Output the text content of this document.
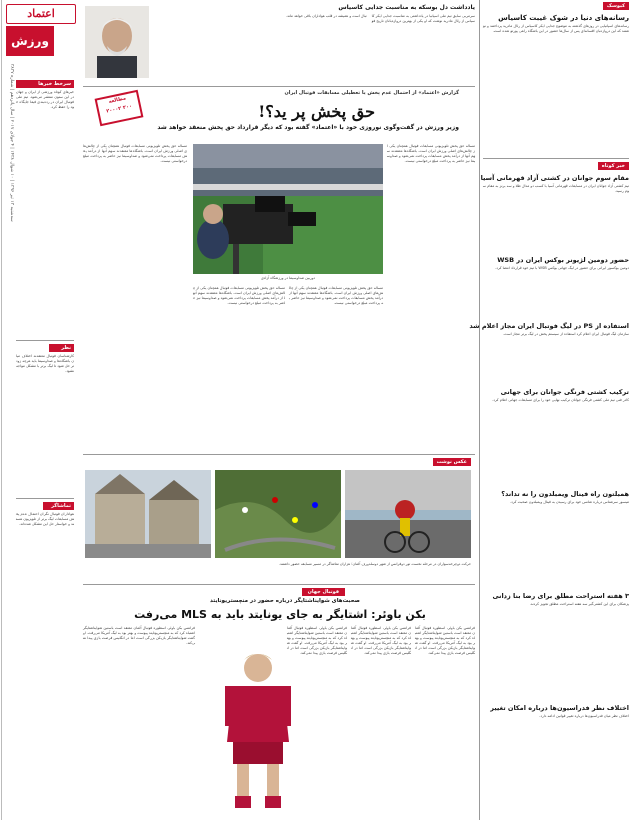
اعتماد
ورزش
سه‌شنبه ۱۳ تیر ۱۳۹۶ | ۱۰ شوال ۱۴۳۸ | ۴ جولای ۲۰۱۷ | سال پانزدهم | شماره ۳۸۳۷
سرخط خبرها
خبرهای کوتاه ورزشی از ایران و جهان در این ستون منتشر می‌شود. تیم ملی فوتبال ایران در رده‌بندی فیفا جایگاه خود را حفظ کرد.
نظر
کارشناسان فوتبال معتقدند اختلاف میان باشگاه‌ها و صداوسیما باید هرچه زودتر حل شود تا لیگ برتر با مشکل مواجه نشود.
تماشاگر
هواداران فوتبال نگران احتمال عدم پخش مسابقات لیگ برتر از تلویزیون هستند و خواستار حل این مشکل شده‌اند.
یادداشت دل بوسکه به مناسبت جدایی کاسیاس
سرمربی سابق تیم ملی اسپانیا در یادداشتی به مناسبت جدایی ایکر کاسیاس از رئال مادرید نوشت که او یکی از بهترین دروازه‌بانان تاریخ فوتبال است و همیشه در قلب هواداران باقی خواهد ماند.
مطالعه
۲۰۰ ۲۰۰۰۲
گزارش «اعتماد» از احتمال عدم پخش یا تعطیلی مسابقات فوتبال ایران
حق پخش پر ید؟!
وزیر ورزش در گفت‌وگوی نوروزی خود با «اعتماد» گفته بود که دیگر قرارداد حق پخش منعقد خواهد شد
دوربین صداوسیما در ورزشگاه آزادی
مساله حق پخش تلویزیونی مسابقات فوتبال همچنان یکی از چالش‌های اصلی ورزش ایران است. باشگاه‌ها معتقدند سهم آنها از درآمد پخش مسابقات پرداخت نمی‌شود و صداوسیما نیز حاضر به پرداخت مبلغ درخواستی نیست.
مساله حق پخش تلویزیونی مسابقات فوتبال همچنان یکی از چالش‌های اصلی ورزش ایران است. باشگاه‌ها معتقدند سهم آنها از درآمد پخش مسابقات پرداخت نمی‌شود و صداوسیما نیز حاضر به پرداخت مبلغ درخواستی نیست.
مساله حق پخش تلویزیونی مسابقات فوتبال همچنان یکی از چالش‌های اصلی ورزش ایران است. باشگاه‌ها معتقدند سهم آنها از درآمد پخش مسابقات پرداخت نمی‌شود و صداوسیما نیز حاضر به پرداخت مبلغ درخواستی نیست.
مساله حق پخش تلویزیونی مسابقات فوتبال همچنان یکی از چالش‌های اصلی ورزش ایران است. باشگاه‌ها معتقدند سهم آنها از درآمد پخش مسابقات پرداخت نمی‌شود و صداوسیما نیز حاضر به پرداخت مبلغ درخواستی نیست.
عکس نوشت
حرکت دوچرخه‌سواران در مرحله نخست تور دوفرانس از شهر دوسلدورف آلمان؛ هزاران تماشاگر در مسیر مسابقه حضور داشتند.
فوتبال جهان
صحبت‌های شوایناشتایگر درباره حضور در منچستریونایتد
بکن باوئر: اشتایگر به جای یونایتد باید به MLS می‌رفت
فرانتس بکن باوئر، اسطوره فوتبال آلمان معتقد است باستین شوایناشتایگر اشتباه کرد که به منچستریونایتد پیوست و بهتر بود به لیگ آمریکا می‌رفت. او گفت شوایناشتایگر بازیکن بزرگی است اما در انگلیس فرصت بازی پیدا نمی‌کند.
فرانتس بکن باوئر، اسطوره فوتبال آلمان معتقد است باستین شوایناشتایگر اشتباه کرد که به منچستریونایتد پیوست و بهتر بود به لیگ آمریکا می‌رفت. او گفت شوایناشتایگر بازیکن بزرگی است اما در انگلیس فرصت بازی پیدا نمی‌کند.
فرانتس بکن باوئر، اسطوره فوتبال آلمان معتقد است باستین شوایناشتایگر اشتباه کرد که به منچستریونایتد پیوست و بهتر بود به لیگ آمریکا می‌رفت. او گفت شوایناشتایگر بازیکن بزرگی است اما در انگلیس فرصت بازی پیدا نمی‌کند.
فرانتس بکن باوئر، اسطوره فوتبال آلمان معتقد است باستین شوایناشتایگر اشتباه کرد که به منچستریونایتد پیوست و بهتر بود به لیگ آمریکا می‌رفت. او گفت شوایناشتایگر بازیکن بزرگی است اما در انگلیس فرصت بازی پیدا نمی‌کند.
کیوسک
رسانه‌های دنیا در شوک غیبت کاسیاس
رسانه‌های اسپانیایی در روزهای گذشته به موضوع جدایی ایکر کاسیاس از رئال مادرید پرداختند و نوشتند که این دروازه‌بان افسانه‌ای پس از سال‌ها حضور در این باشگاه راهی پورتو شده است.
خبر کوتاه
مقام سوم جوانان در کشتی آزاد قهرمانی آسیا
تیم کشتی آزاد جوانان ایران در مسابقات قهرمانی آسیا با کسب دو مدال طلا و سه برنز به مقام سوم رسید.
حضور دومین لژیونر بوکس ایران در WSB
دومین بوکسور ایرانی برای حضور در لیگ جهانی بوکس WSB با تیم خود قرارداد امضا کرد.
استفاده از PS در لیگ فوتبال ایران مجاز اعلام شد
سازمان لیگ فوتبال ایران اعلام کرد استفاده از سیستم پخش در لیگ برتر مجاز است.
ترکیب کشتی فرنگی جوانان برای جهانی
کادر فنی تیم ملی کشتی فرنگی جوانان ترکیب نهایی خود را برای مسابقات جهانی اعلام کرد.
همبلتون راه فینال ویمبلدون را نه تداند؟
تنیسور سرشناس درباره شانس خود برای رسیدن به فینال ویمبلدون صحبت کرد.
۳ هفته استراحت مطلق برای رضا بنا زدانی
پزشکان برای این کشتی‌گیر سه هفته استراحت مطلق تجویز کردند.
اختلاف نظر فدراسیون‌ها درباره امکان تغییر
اختلاف نظر میان فدراسیون‌ها درباره تغییر قوانین ادامه دارد.
